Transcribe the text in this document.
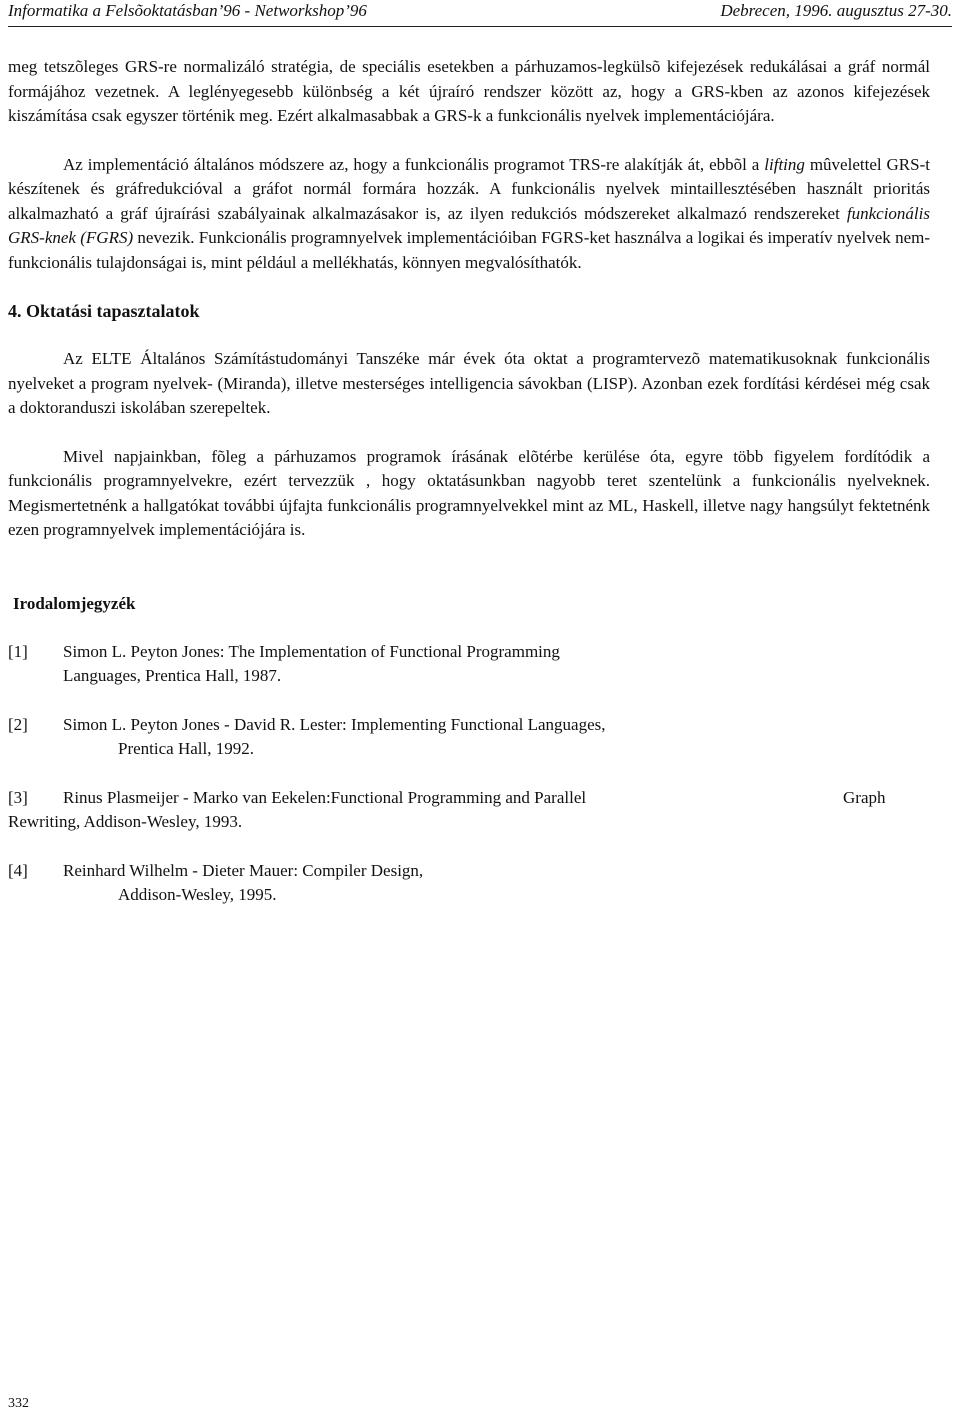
Informatika a Felsõoktatásban’96 - Networkshop’96	Debrecen, 1996. augusztus 27-30.

meg tetszõleges GRS-re normalizáló stratégia, de speciális esetekben a párhuzamos-legkülsõ kifejezések redukálásai a gráf normál formájához vezetnek. A leglényegesebb különbség a két újraíró rendszer között az, hogy a GRS-kben az azonos kifejezések kiszámítása csak egyszer történik meg. Ezért alkalmasabbak a GRS-k a funkcionális nyelvek implementációjára.

Az implementáció általános módszere az, hogy a funkcionális programot TRS-re alakítják át, ebbõl a lifting mûvelettel GRS-t készítenek és gráfredukcióval a gráfot normál formára hozzák. A funkcionális nyelvek mintaillesztésében használt prioritás alkalmazható a gráf újraírási szabályainak alkalmazásakor is, az ilyen redukciós módszereket alkalmazó rendszereket funkcionális GRS-knek (FGRS) nevezik. Funkcionális programnyelvek implementációiban FGRS-ket használva a logikai és imperatív nyelvek nem-funkcionális tulajdonságai is, mint például a mellékhatás, könnyen megvalósíthatók.

4. Oktatási tapasztalatok

Az ELTE Általános Számítástudományi Tanszéke már évek óta oktat a programtervezõ matematikusoknak funkcionális nyelveket a program nyelvek- (Miranda), illetve mesterséges intelligencia sávokban (LISP). Azonban ezek fordítási kérdései még csak a doktoranduszi iskolában szerepeltek.

Mivel napjainkban, fõleg a párhuzamos programok írásának elõtérbe kerülése óta, egyre több figyelem fordítódik a funkcionális programnyelvekre, ezért tervezzük , hogy oktatásunkban nagyobb teret szentelünk a funkcionális nyelveknek. Megismertetnénk a hallgatókat további újfajta funkcionális programnyelvekkel mint az ML, Haskell, illetve nagy hangsúlyt fektetnénk ezen programnyelvek implementációjára is.

Irodalomjegyzék
[1]	Simon L. Peyton Jones: The Implementation of Functional Programming
Languages, Prentica Hall, 1987.
[2]	Simon L. Peyton Jones - David R. Lester: Implementing Functional Languages,
Prentica Hall, 1992.
[3]	Rinus Plasmeijer - Marko van Eekelen:Functional Programming and Parallel	Graph
Rewriting, Addison-Wesley, 1993.
[4]	Reinhard Wilhelm - Dieter Mauer: Compiler Design,
Addison-Wesley, 1995.
332
